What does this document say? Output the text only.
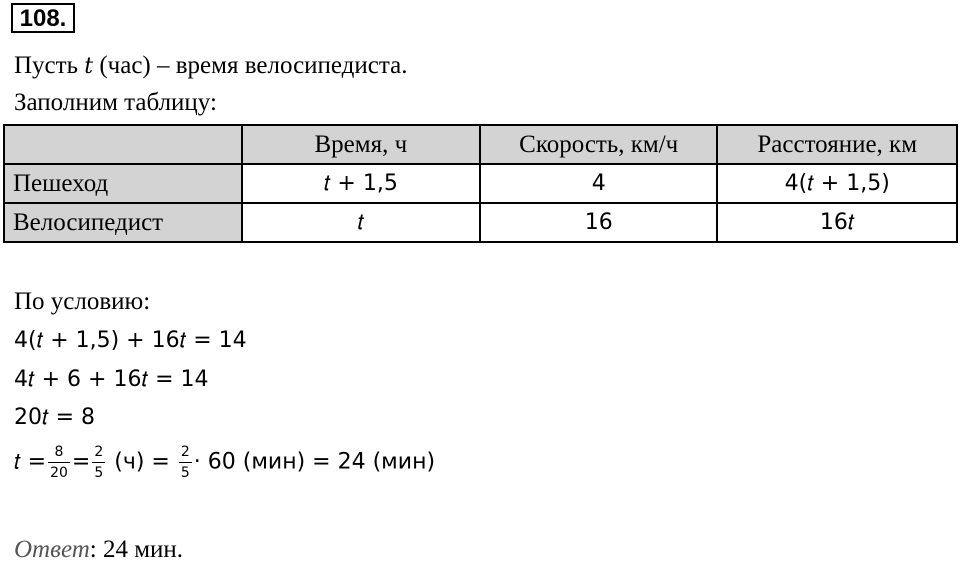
108.
Пусть t (час) – время велосипедиста.
Заполним таблицу:
	Время, ч	Скорость, км/ч	Расстояние, км
Пешеход	𝑡 + 1,5	4	4(𝑡 + 1,5)
Велосипедист	𝑡	16	16𝑡
По условию:
4(𝑡 + 1,5) + 16𝑡 = 14
4𝑡 + 6 + 16𝑡 = 14
20𝑡 = 8
𝑡 = $\frac{8}{20} = \frac{2}{5} (ч) = \frac{2}{5} \cdot 60$ (мин) = 24 (мин)
Ответ: 24 мин.
